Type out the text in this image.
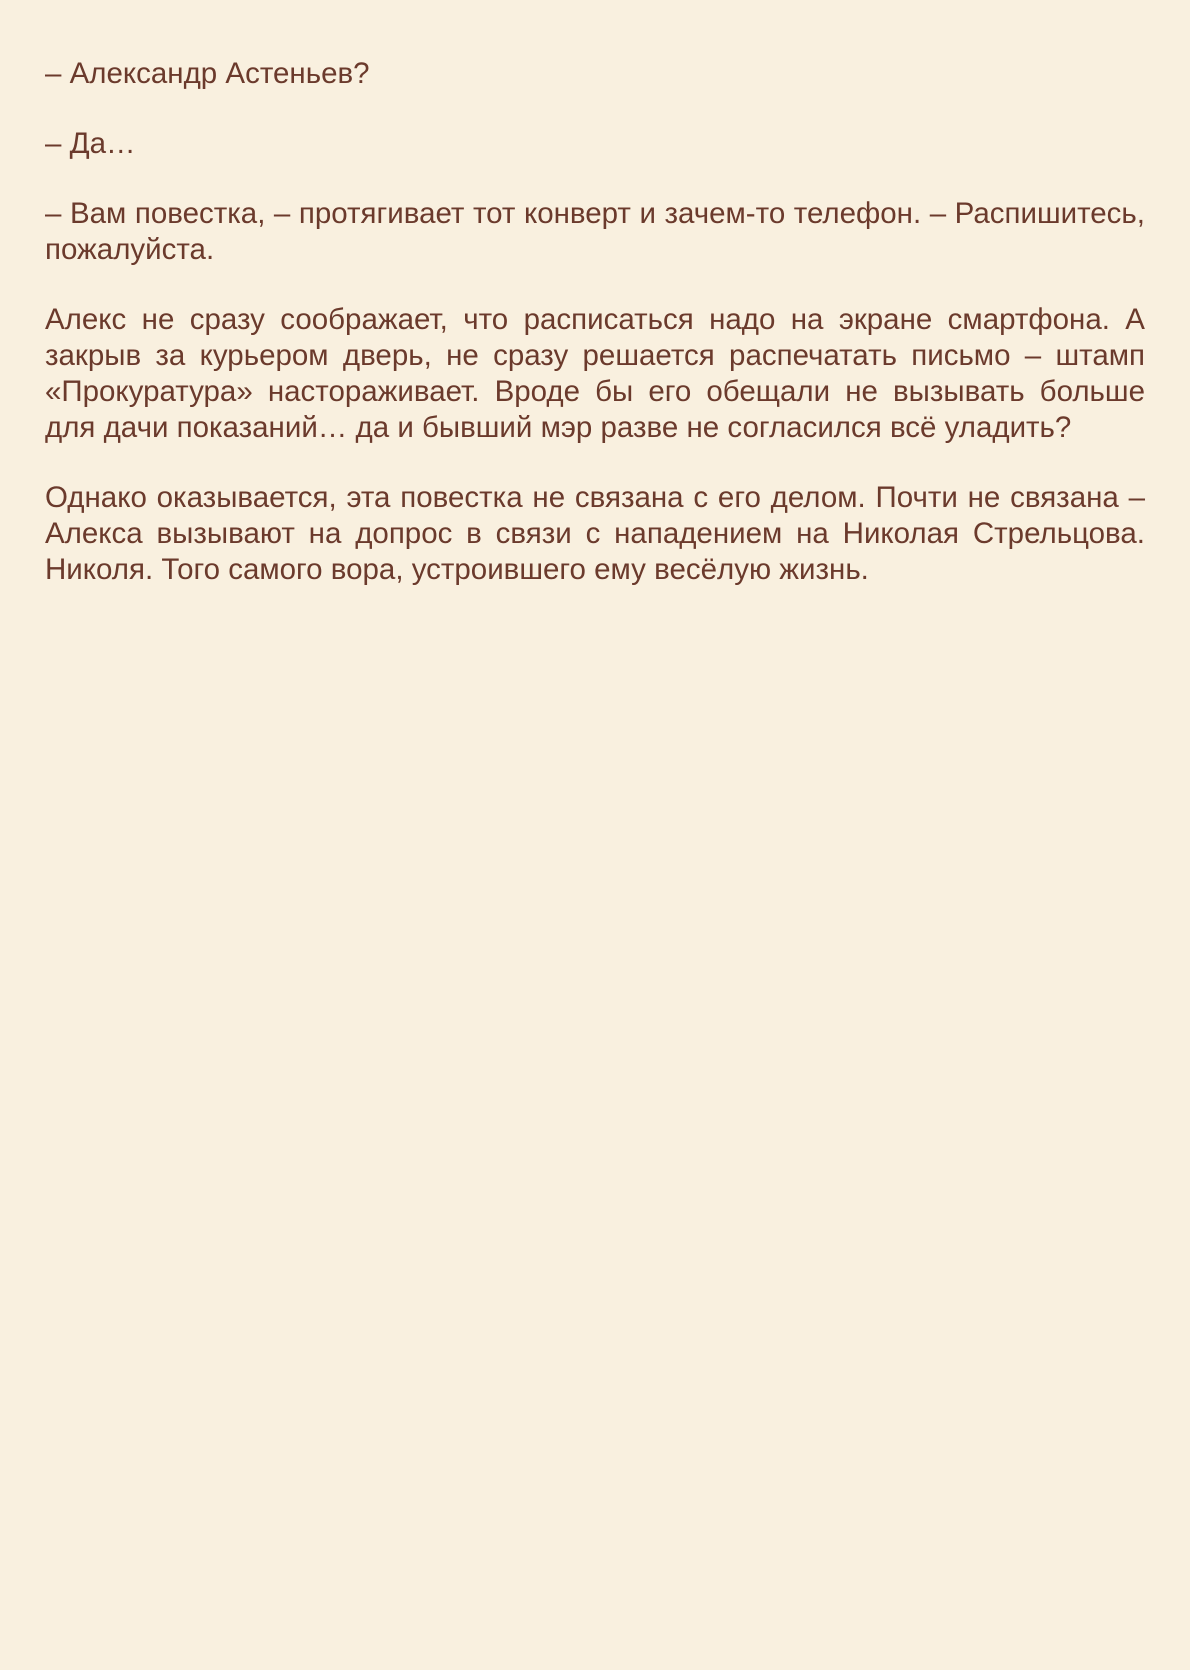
– Александр Астеньев?

– Да…

– Вам повестка, – протягивает тот конверт и зачем-то телефон. – Распишитесь, пожалуйста.

Алекс не сразу соображает, что расписаться надо на экране смартфона. А закрыв за курьером дверь, не сразу решается распечатать письмо – штамп «Прокуратура» настораживает. Вроде бы его обещали не вызывать больше для дачи показаний… да и бывший мэр разве не согласился всё уладить?

Однако оказывается, эта повестка не связана с его делом. Почти не связана – Алекса вызывают на допрос в связи с нападением на Николая Стрельцова. Николя. Того самого вора, устроившего ему весёлую жизнь.
